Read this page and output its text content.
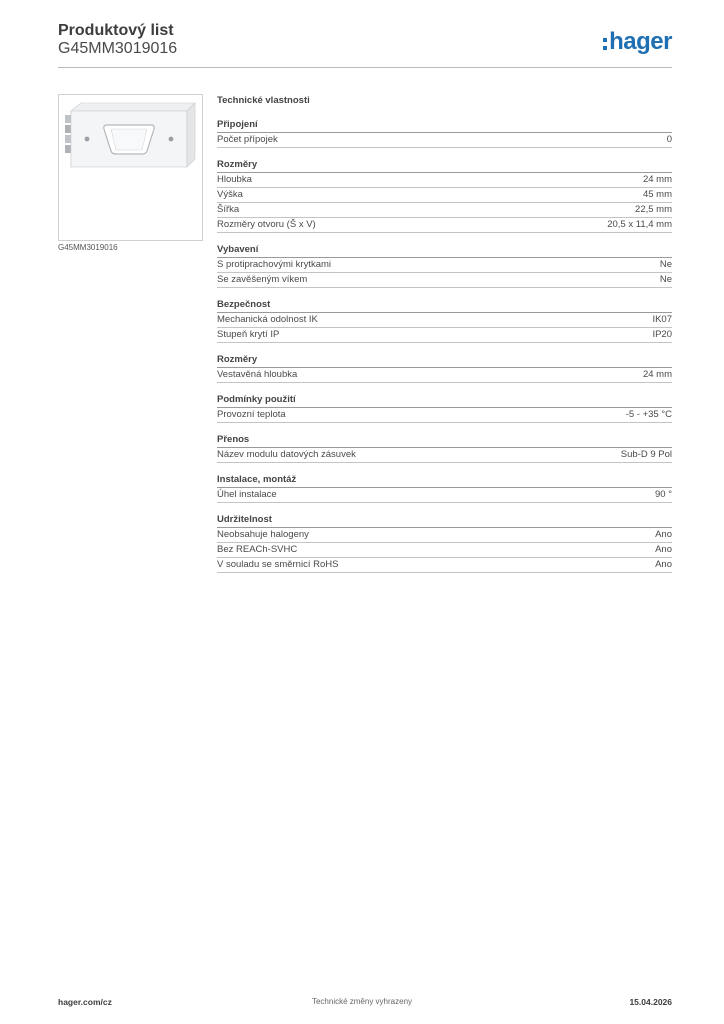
Produktový list
G45MM3019016	hager
G45MM3019016
Technické vlastnosti
Připojení
Počet přípojek	0
Rozměry
Hloubka	24 mm
Výška	45 mm
Šířka	22,5 mm
Rozměry otvoru (Š x V)	20,5 x 11,4 mm
Vybavení
S protiprachovými krytkami	Ne
Se zavěšeným víkem	Ne
Bezpečnost
Mechanická odolnost IK	IK07
Stupeň krytí IP	IP20
Rozměry
Vestavěná hloubka	24 mm
Podmínky použití
Provozní teplota	-5 - +35 °C
Přenos
Název modulu datových zásuvek	Sub-D 9 Pol
Instalace, montáž
Úhel instalace	90 °
Udržitelnost
Neobsahuje halogeny	Ano
Bez REACh-SVHC	Ano
V souladu se směrnicí RoHS	Ano
hager.com/cz	Technické změny vyhrazeny	15.04.2026
